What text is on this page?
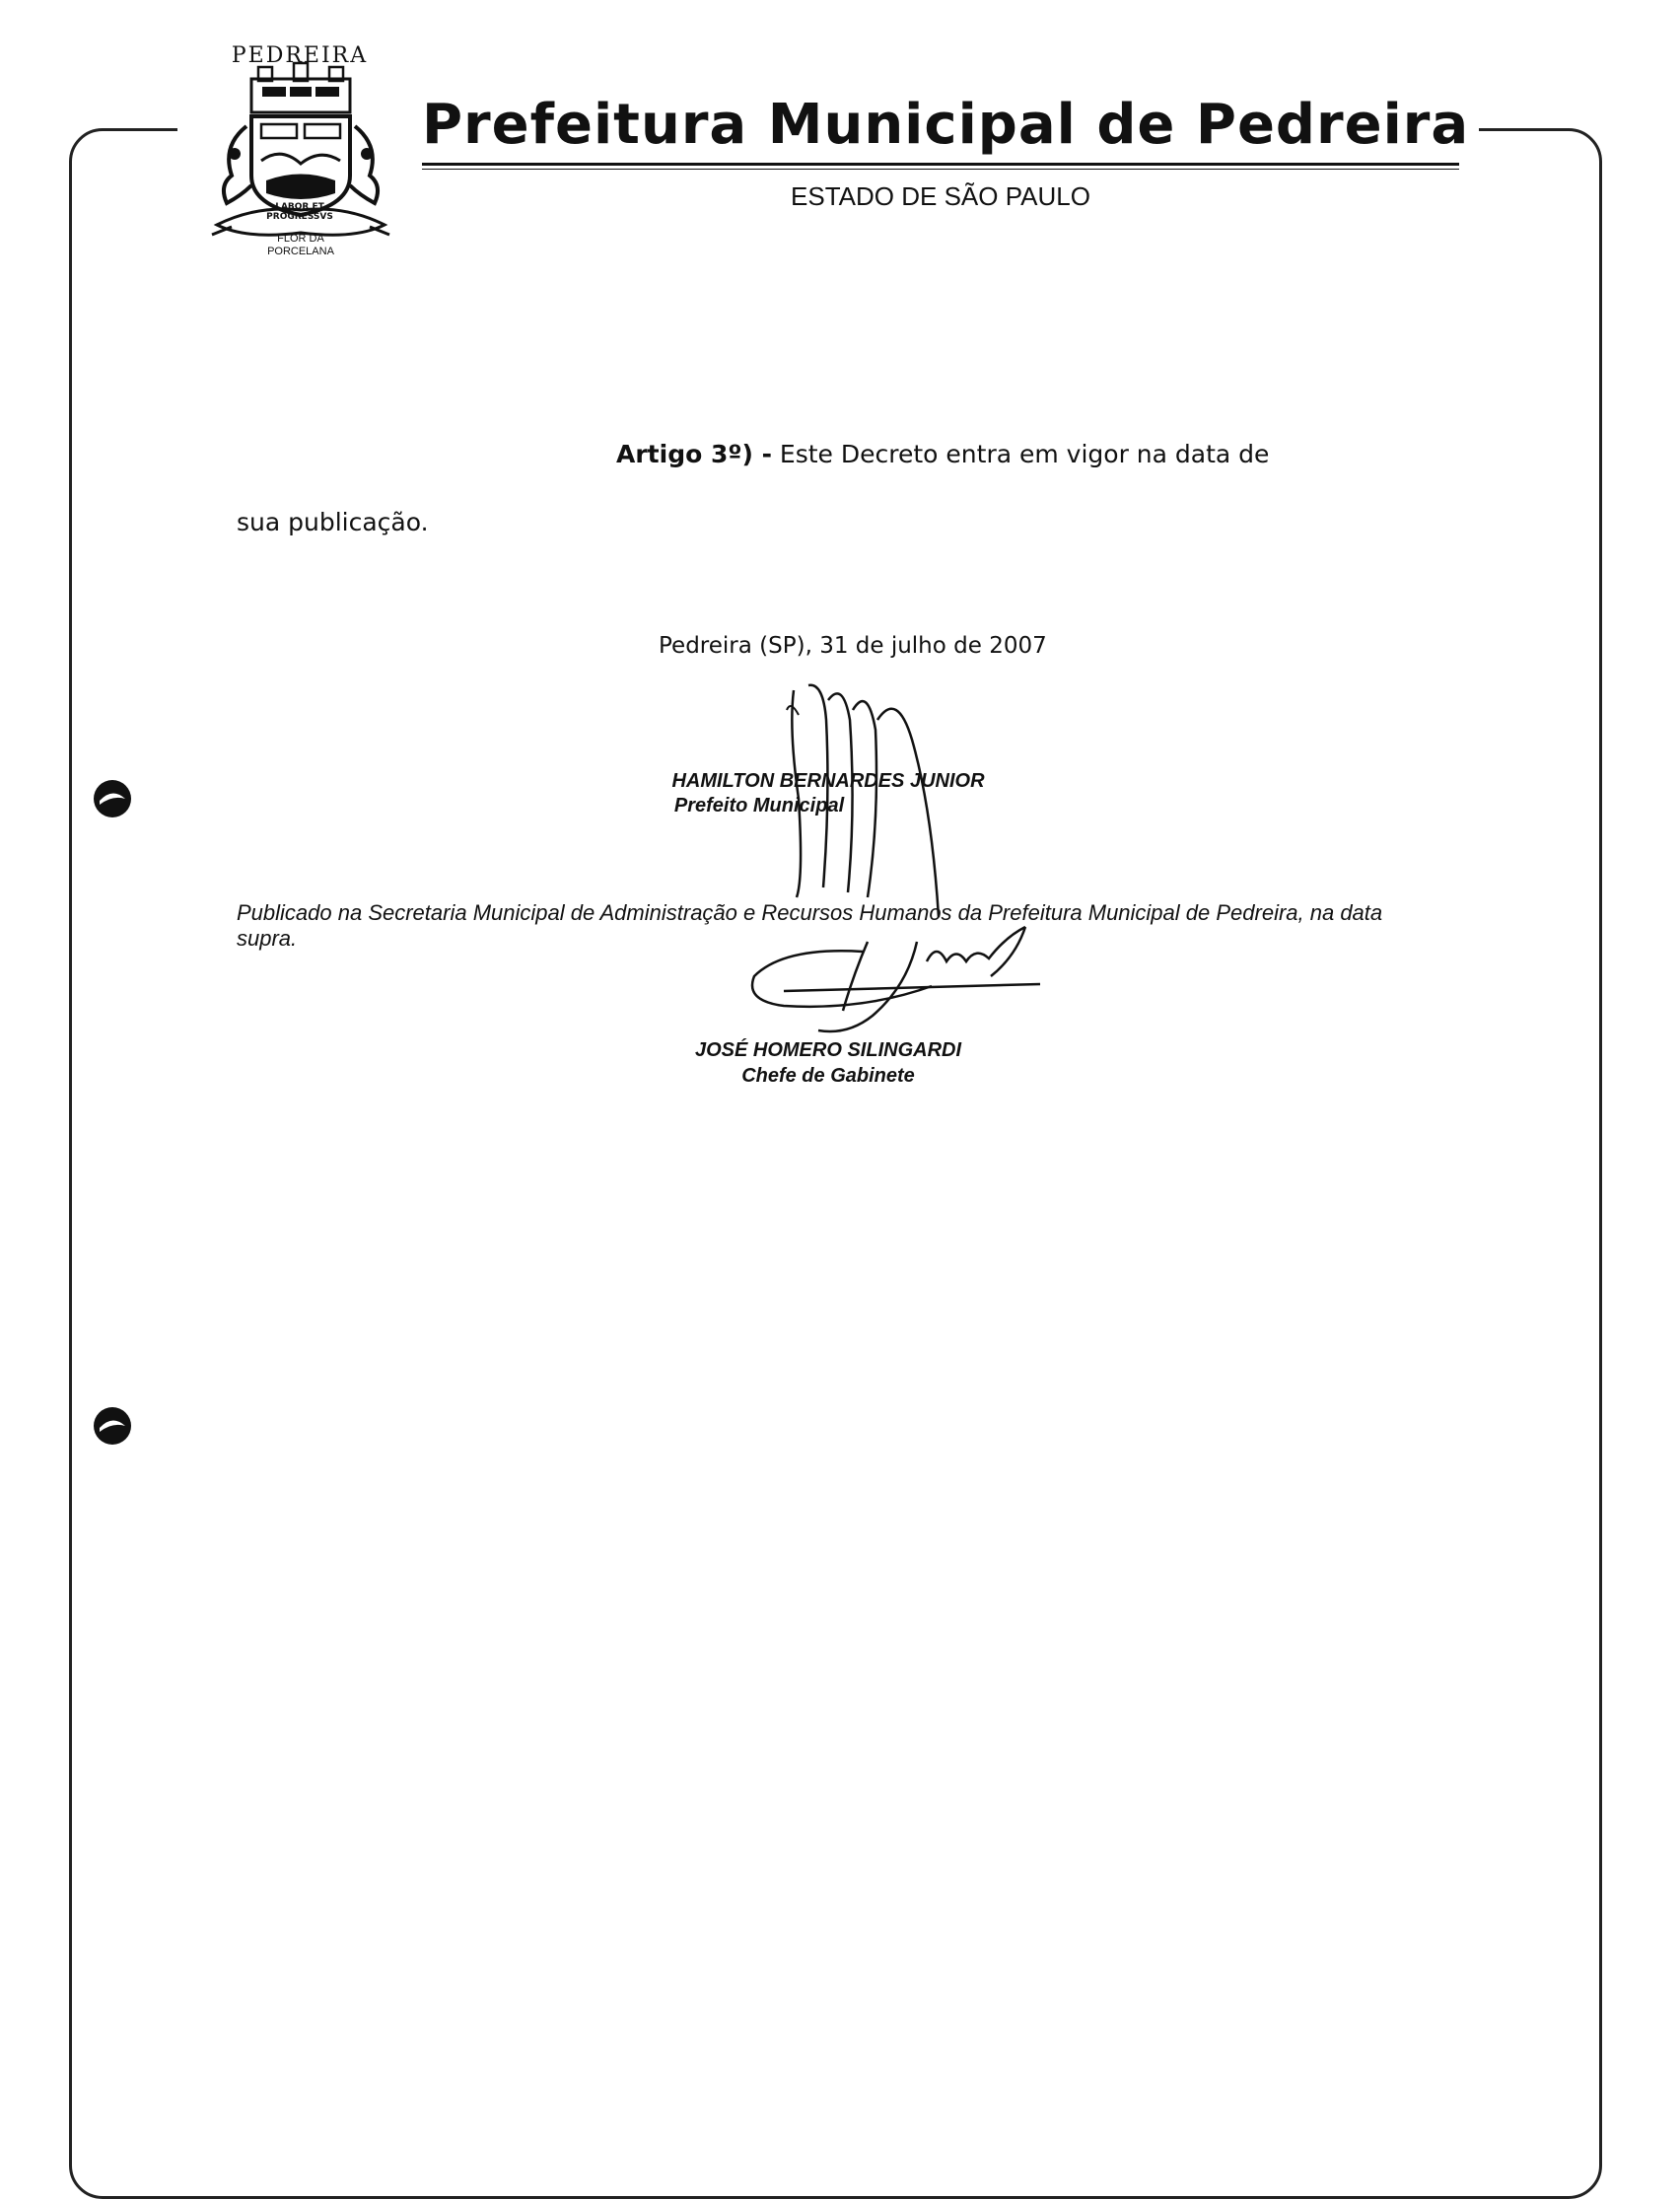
PEDREIRA
LABOR ET PROGRESSVS
FLOR DA
PORCELANA
Prefeitura Municipal de Pedreira
ESTADO DE SÃO PAULO
Artigo 3º) - Este Decreto entra em vigor na data de
sua publicação.
Pedreira (SP), 31 de julho de 2007
HAMILTON BERNARDES JUNIOR
Prefeito Municipal
Publicado na Secretaria Municipal de Administração e Recursos Humanos da Prefeitura Municipal de Pedreira, na data supra.
JOSÉ HOMERO SILINGARDI
Chefe de Gabinete
